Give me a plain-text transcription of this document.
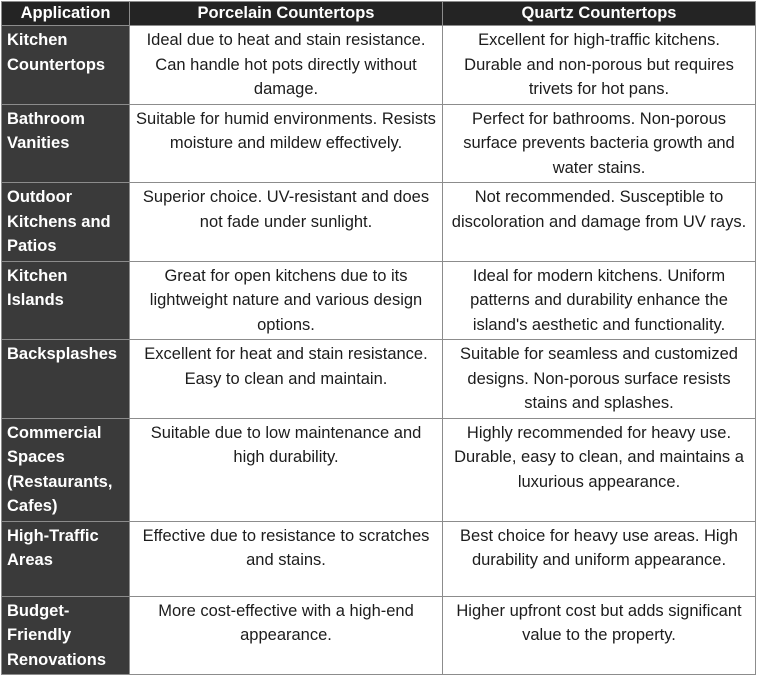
Application	Porcelain Countertops	Quartz Countertops
Kitchen Countertops	Ideal due to heat and stain resistance. Can handle hot pots directly without damage.	Excellent for high-traffic kitchens. Durable and non-porous but requires trivets for hot pans.
Bathroom Vanities	Suitable for humid environments. Resists moisture and mildew effectively.	Perfect for bathrooms. Non-porous surface prevents bacteria growth and water stains.
Outdoor Kitchens and Patios	Superior choice. UV-resistant and does not fade under sunlight.	Not recommended. Susceptible to discoloration and damage from UV rays.
Kitchen Islands	Great for open kitchens due to its lightweight nature and various design options.	Ideal for modern kitchens. Uniform patterns and durability enhance the island's aesthetic and functionality.
Backsplashes	Excellent for heat and stain resistance. Easy to clean and maintain.	Suitable for seamless and customized designs. Non-porous surface resists stains and splashes.
Commercial Spaces (Restaurants, Cafes)	Suitable due to low maintenance and high durability.	Highly recommended for heavy use. Durable, easy to clean, and maintains a luxurious appearance.
High-Traffic Areas	Effective due to resistance to scratches and stains.	Best choice for heavy use areas. High durability and uniform appearance.
Budget-Friendly Renovations	More cost-effective with a high-end appearance.	Higher upfront cost but adds significant value to the property.
